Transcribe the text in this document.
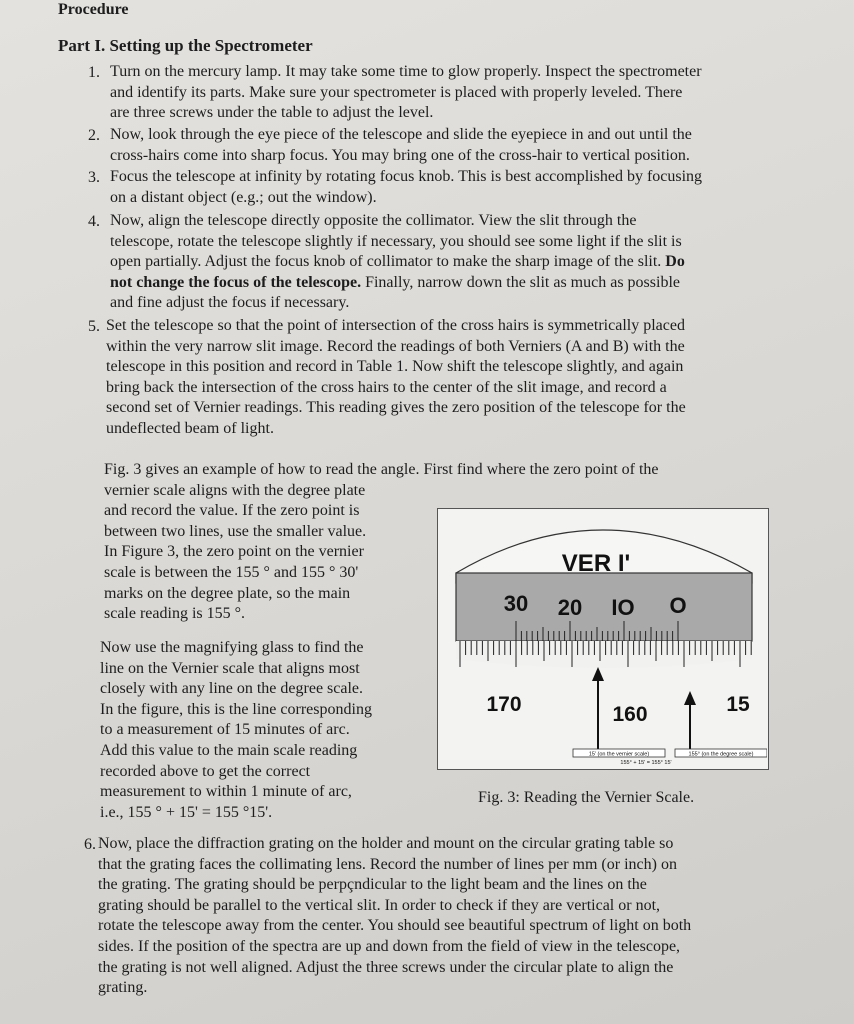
Procedure
Part I. Setting up the Spectrometer
1. Turn on the mercury lamp. It may take some time to glow properly. Inspect the spectrometer
and identify its parts. Make sure your spectrometer is placed with properly leveled. There
are three screws under the table to adjust the level.
2. Now, look through the eye piece of the telescope and slide the eyepiece in and out until the
cross-hairs come into sharp focus. You may bring one of the cross-hair to vertical position.
3. Focus the telescope at infinity by rotating focus knob. This is best accomplished by focusing
on a distant object (e.g.; out the window).
4. Now, align the telescope directly opposite the collimator. View the slit through the
telescope, rotate the telescope slightly if necessary, you should see some light if the slit is
open partially. Adjust the focus knob of collimator to make the sharp image of the slit. Do
not change the focus of the telescope. Finally, narrow down the slit as much as possible
and fine adjust the focus if necessary.
5. Set the telescope so that the point of intersection of the cross hairs is symmetrically placed
within the very narrow slit image. Record the readings of both Verniers (A and B) with the
telescope in this position and record in Table 1. Now shift the telescope slightly, and again
bring back the intersection of the cross hairs to the center of the slit image, and record a
second set of Vernier readings. This reading gives the zero position of the telescope for the
undeflected beam of light.
Fig. 3 gives an example of how to read the angle. First find where the zero point of the
vernier scale aligns with the degree plate
and record the value. If the zero point is
between two lines, use the smaller value.
In Figure 3, the zero point on the vernier
scale is between the 155 ° and 155 ° 30'
marks on the degree plate, so the main
scale reading is 155 °.
Now use the magnifying glass to find the
line on the Vernier scale that aligns most
closely with any line on the degree scale.
In the figure, this is the line corresponding
to a measurement of 15 minutes of arc.
Add this value to the main scale reading
recorded above to get the correct
measurement to within 1 minute of arc,
i.e., 155 ° + 15' = 155 °15'.
VER I'
30 20 IO O
170	160	15
15' (on the vernier scale)	155° (on the degree scale)
155° + 15' = 155° 15'
Fig. 3: Reading the Vernier Scale.
6. Now, place the diffraction grating on the holder and mount on the circular grating table so
that the grating faces the collimating lens. Record the number of lines per mm (or inch) on
the grating. The grating should be perpçndicular to the light beam and the lines on the
grating should be parallel to the vertical slit. In order to check if they are vertical or not,
rotate the telescope away from the center. You should see beautiful spectrum of light on both
sides. If the position of the spectra are up and down from the field of view in the telescope,
the grating is not well aligned. Adjust the three screws under the circular plate to align the
grating.
